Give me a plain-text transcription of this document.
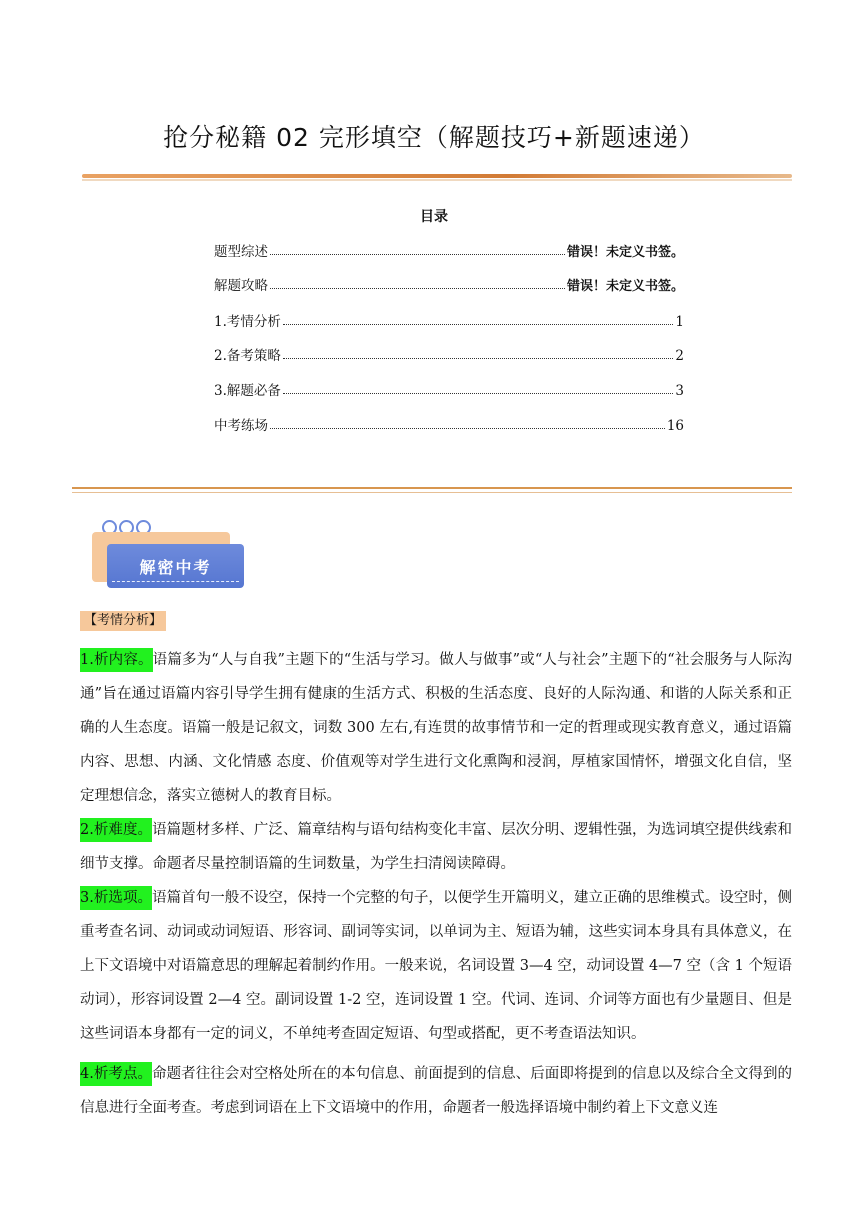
抢分秘籍 02 完形填空（解题技巧+新题速递）
目录
题型综述	错误！未定义书签。
解题攻略	错误！未定义书签。
1.考情分析	1
2.备考策略	2
3.解题必备	3
中考练场	16
解密中考
【考情分析】
1.析内容。语篇多为“人与自我”主题下的“生活与学习。做人与做事”或“人与社会”主题下的“社会服务与人际沟通”旨在通过语篇内容引导学生拥有健康的生活方式、积极的生活态度、良好的人际沟通、和谐的人际关系和正确的人生态度。语篇一般是记叙文，词数 300 左右,有连贯的故事情节和一定的哲理或现实教育意义，通过语篇内容、思想、内涵、文化情感 态度、价值观等对学生进行文化熏陶和浸润，厚植家国情怀，增强文化自信，坚定理想信念，落实立德树人的教育目标。
2.析难度。语篇题材多样、广泛、篇章结构与语句结构变化丰富、层次分明、逻辑性强，为选词填空提供线索和细节支撑。命题者尽量控制语篇的生词数量，为学生扫清阅读障碍。
3.析选项。语篇首句一般不设空，保持一个完整的句子，以便学生开篇明义，建立正确的思维模式。设空时，侧重考查名词、动词或动词短语、形容词、副词等实词，以单词为主、短语为辅，这些实词本身具有具体意义，在上下文语境中对语篇意思的理解起着制约作用。一般来说，名词设置 3—4 空，动词设置 4—7 空（含 1 个短语动词），形容词设置 2—4 空。副词设置 1-2 空，连词设置 1 空。代词、连词、介词等方面也有少量题目、但是这些词语本身都有一定的词义，不单纯考查固定短语、句型或搭配，更不考查语法知识。
4.析考点。命题者往往会对空格处所在的本句信息、前面提到的信息、后面即将提到的信息以及综合全文得到的信息进行全面考查。考虑到词语在上下文语境中的作用，命题者一般选择语境中制约着上下文意义连
